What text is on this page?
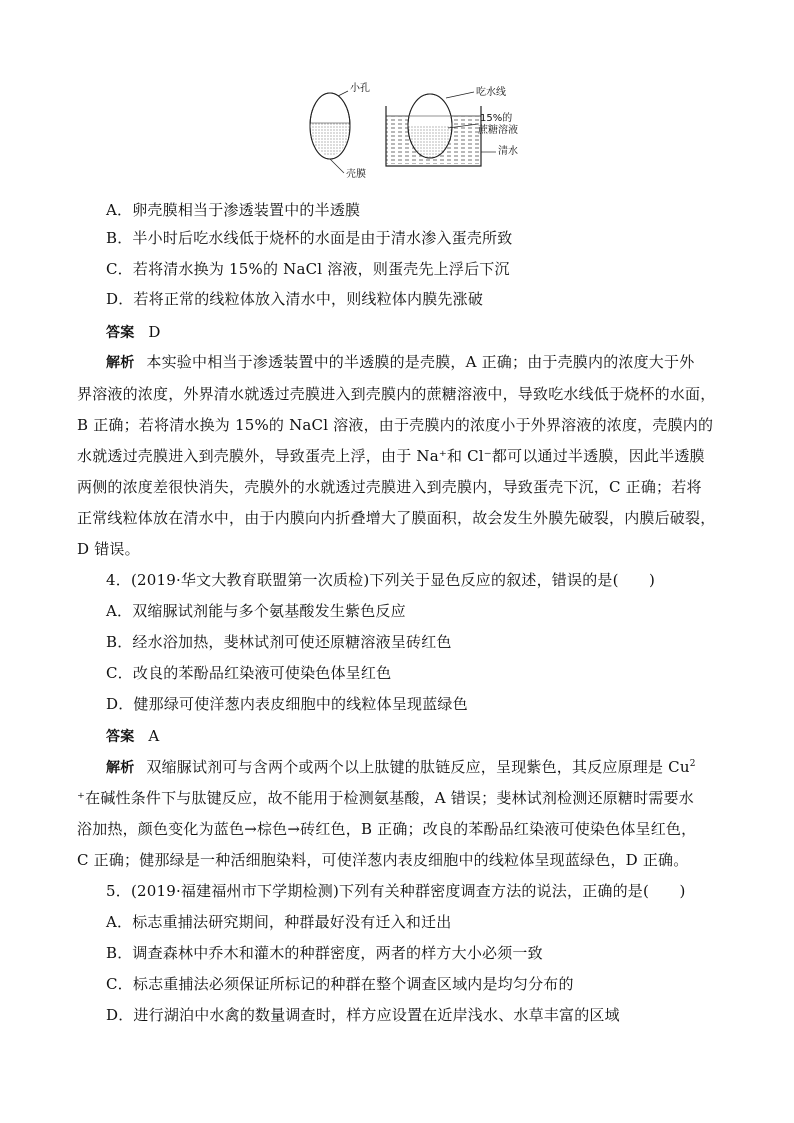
小孔
壳膜
吃水线
15%的
蔗糖溶液
清水
A．卵壳膜相当于渗透装置中的半透膜
B．半小时后吃水线低于烧杯的水面是由于清水渗入蛋壳所致
C．若将清水换为 15%的 NaCl 溶液，则蛋壳先上浮后下沉
D．若将正常的线粒体放入清水中，则线粒体内膜先涨破
答案 D
解析 本实验中相当于渗透装置中的半透膜的是壳膜，A 正确；由于壳膜内的浓度大于外
界溶液的浓度，外界清水就透过壳膜进入到壳膜内的蔗糖溶液中，导致吃水线低于烧杯的水面，
B 正确；若将清水换为 15%的 NaCl 溶液，由于壳膜内的浓度小于外界溶液的浓度，壳膜内的
水就透过壳膜进入到壳膜外，导致蛋壳上浮，由于 Na⁺和 Cl⁻都可以通过半透膜，因此半透膜
两侧的浓度差很快消失，壳膜外的水就透过壳膜进入到壳膜内，导致蛋壳下沉，C 正确；若将
正常线粒体放在清水中，由于内膜向内折叠增大了膜面积，故会发生外膜先破裂，内膜后破裂，
D 错误。
4．(2019·华文大教育联盟第一次质检)下列关于显色反应的叙述，错误的是(　　)
A．双缩脲试剂能与多个氨基酸发生紫色反应
B．经水浴加热，斐林试剂可使还原糖溶液呈砖红色
C．改良的苯酚品红染液可使染色体呈红色
D．健那绿可使洋葱内表皮细胞中的线粒体呈现蓝绿色
答案 A
解析 双缩脲试剂可与含两个或两个以上肽键的肽链反应，呈现紫色，其反应原理是 Cu$^2$
⁺在碱性条件下与肽键反应，故不能用于检测氨基酸，A 错误；斐林试剂检测还原糖时需要水
浴加热，颜色变化为蓝色→棕色→砖红色，B 正确；改良的苯酚品红染液可使染色体呈红色，
C 正确；健那绿是一种活细胞染料，可使洋葱内表皮细胞中的线粒体呈现蓝绿色，D 正确。
5．(2019·福建福州市下学期检测)下列有关种群密度调查方法的说法，正确的是(　　)
A．标志重捕法研究期间，种群最好没有迁入和迁出
B．调查森林中乔木和灌木的种群密度，两者的样方大小必须一致
C．标志重捕法必须保证所标记的种群在整个调查区域内是均匀分布的
D．进行湖泊中水禽的数量调查时，样方应设置在近岸浅水、水草丰富的区域
